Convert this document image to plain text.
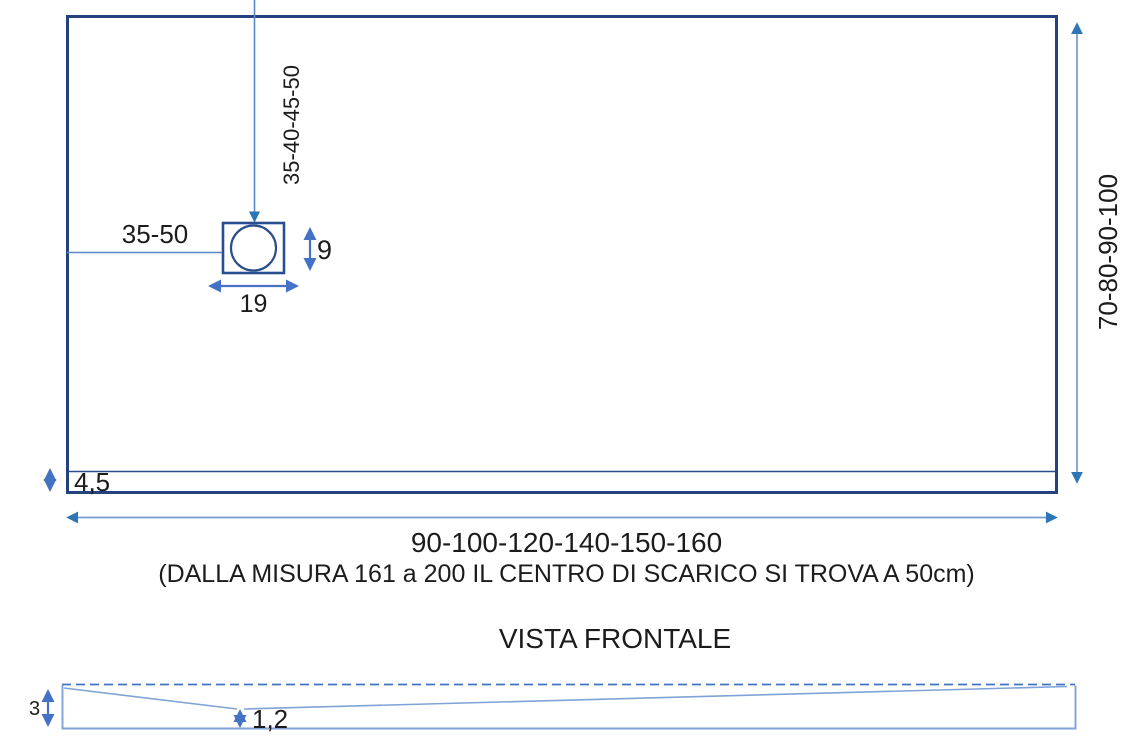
35-40-45-50
35-50
9
19	70-80-90-100
4,5
90-100-120-140-150-160
(DALLA MISURA 161 a 200 IL CENTRO DI SCARICO SI TROVA A 50cm)
VISTA FRONTALE
3	1,2
